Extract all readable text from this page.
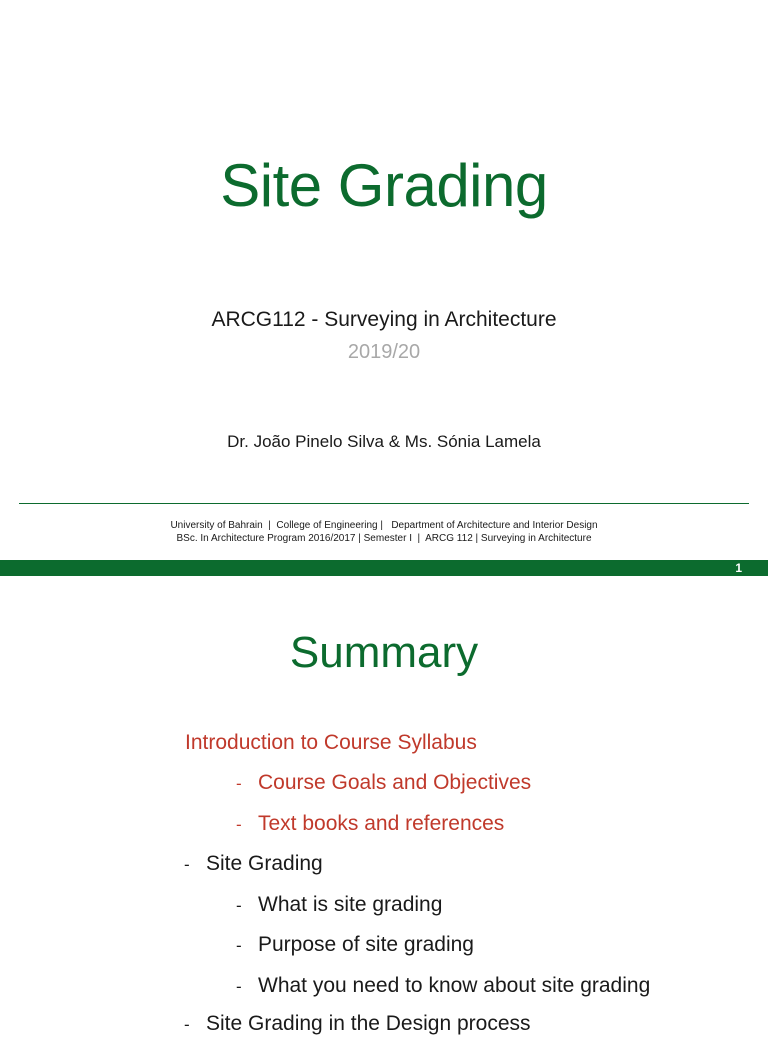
Site Grading
ARCG112 - Surveying in Architecture
2019/20
Dr. João Pinelo Silva & Ms. Sónia Lamela
University of Bahrain  |  College of Engineering |   Department of Architecture and Interior Design
BSc. In Architecture Program 2016/2017 | Semester I  |  ARCG 112 | Surveying in Architecture
1
Summary
Introduction to Course Syllabus
- Course Goals and Objectives
- Text books and references
- Site Grading
- What is site grading
- Purpose of site grading
- What you need to know about site grading
- Site Grading in the Design process
